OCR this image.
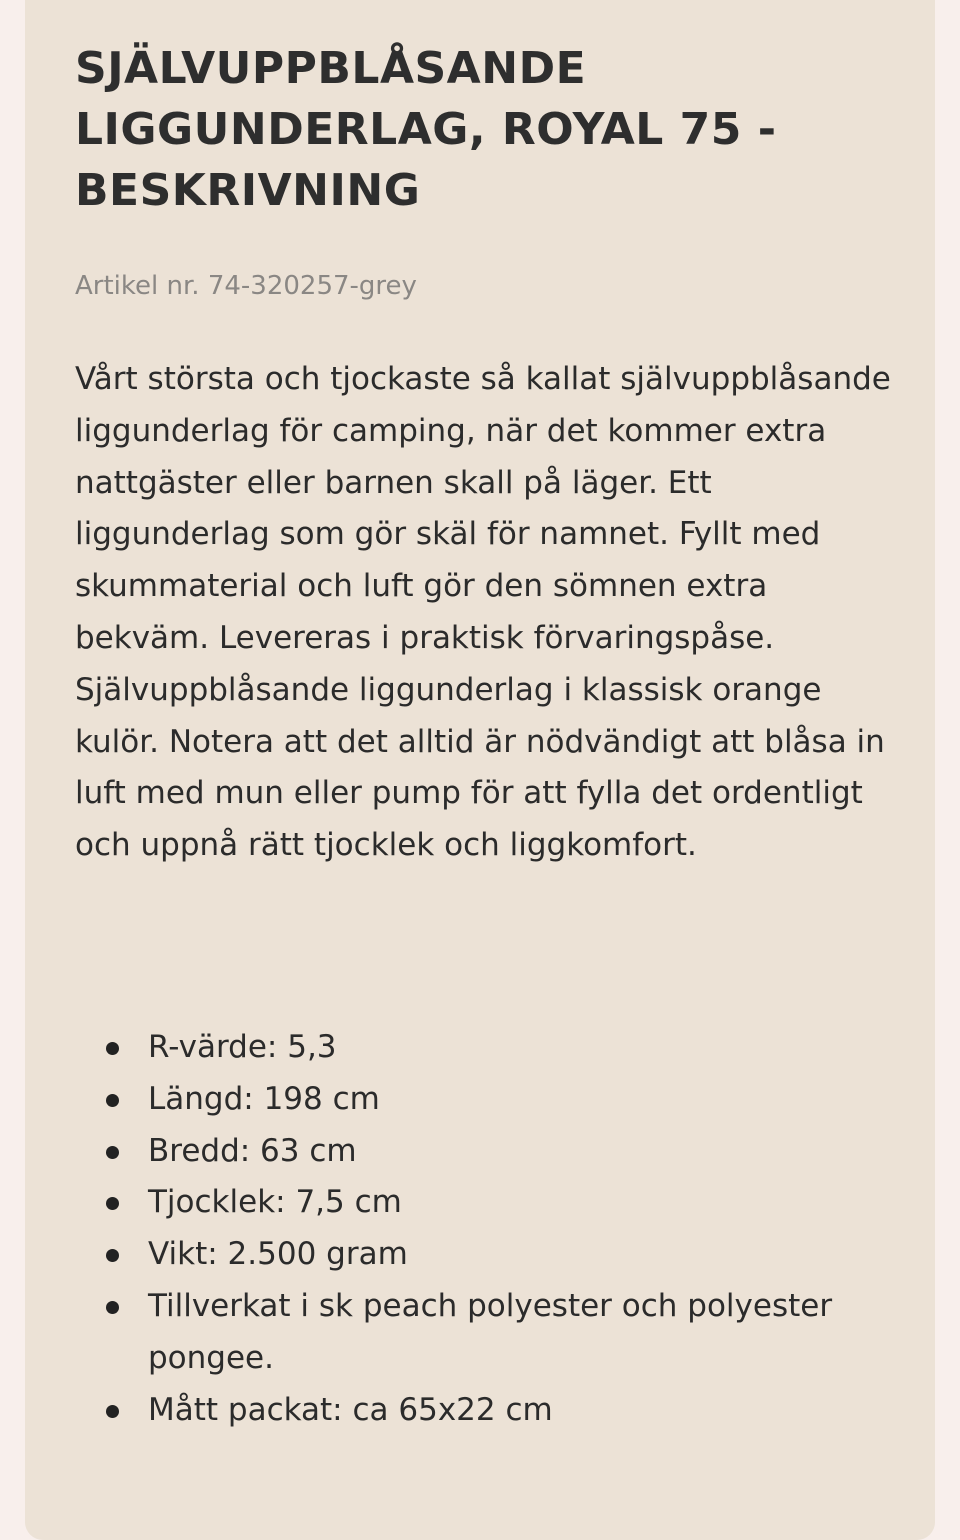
SJÄLVUPPBLÅSANDE LIGGUNDERLAG, ROYAL 75 - BESKRIVNING

Artikel nr. 74-320257-grey

Vårt största och tjockaste så kallat självuppblåsande liggunderlag för camping, när det kommer extra nattgäster eller barnen skall på läger. Ett liggunderlag som gör skäl för namnet. Fyllt med skummaterial och luft gör den sömnen extra bekväm. Levereras i praktisk förvaringspåse. Självuppblåsande liggunderlag i klassisk orange kulör. Notera att det alltid är nödvändigt att blåsa in luft med mun eller pump för att fylla det ordentligt och uppnå rätt tjocklek och liggkomfort.

R-värde: 5,3
Längd: 198 cm
Bredd: 63 cm
Tjocklek: 7,5 cm
Vikt: 2.500 gram
Tillverkat i sk peach polyester och polyester pongee.
Mått packat: ca 65x22 cm
